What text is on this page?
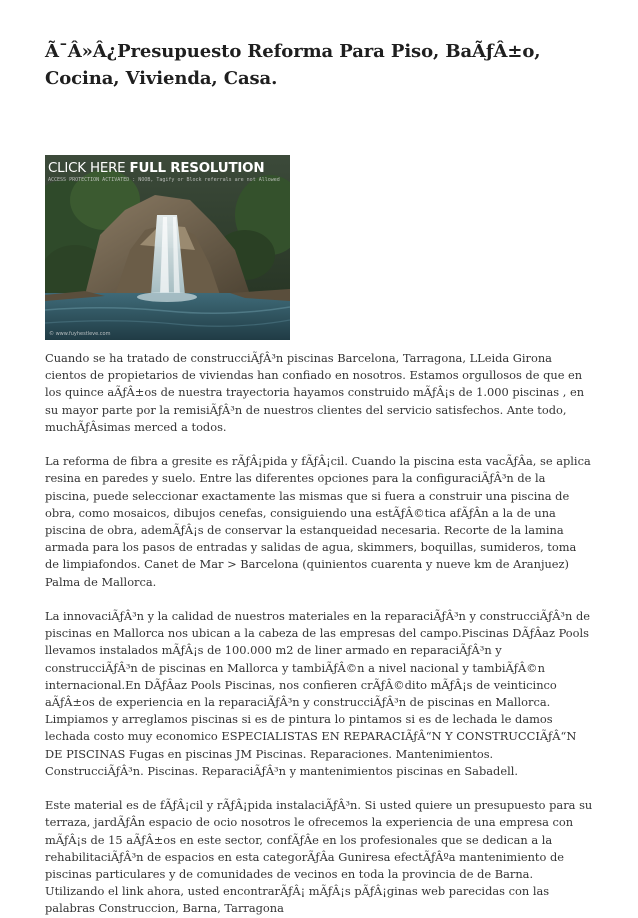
Ã¯Â»Â¿Presupuesto Reforma Para Piso, BaÃƒÂ±o, Cocina, Vivienda, Casa.
CLICK HERE FULL RESOLUTION
ACCESS PROTECTION ACTIVATED : NOOB, Tagify or Block referrals are not Allowed
© www.fuyhestleve.com

Cuando se ha tratado de construcciÃƒÂ³n piscinas Barcelona, Tarragona, LLeida Girona cientos de propietarios de viviendas han confiado en nosotros. Estamos orgullosos de que en los quince aÃƒÂ±os de nuestra trayectoria hayamos construido mÃƒÂ¡s de 1.000 piscinas , en su mayor parte por la remisiÃƒÂ³n de nuestros clientes del servicio satisfechos. Ante todo, muchÃƒÂsimas merced a todos.

La reforma de fibra a gresite es rÃƒÂ¡pida y fÃƒÂ¡cil. Cuando la piscina esta vacÃƒÂa, se aplica resina en paredes y suelo. Entre las diferentes opciones para la configuraciÃƒÂ³n de la piscina, puede seleccionar exactamente las mismas que si fuera a construir una piscina de obra, como mosaicos, dibujos cenefas, consiguiendo una estÃƒÂ©tica afÃƒÂn a la de una piscina de obra, ademÃƒÂ¡s de conservar la estanqueidad necesaria. Recorte de la lamina armada para los pasos de entradas y salidas de agua, skimmers, boquillas, sumideros, toma de limpiafondos. Canet de Mar > Barcelona (quinientos cuarenta y nueve km de Aranjuez) Palma de Mallorca.

La innovaciÃƒÂ³n y la calidad de nuestros materiales en la reparaciÃƒÂ³n y construcciÃƒÂ³n de piscinas en Mallorca nos ubican a la cabeza de las empresas del campo.Piscinas DÃƒÂaz Pools llevamos instalados mÃƒÂ¡s de 100.000 m2 de liner armado en reparaciÃƒÂ³n y construcciÃƒÂ³n de piscinas en Mallorca y tambiÃƒÂ©n a nivel nacional y tambiÃƒÂ©n internacional.En DÃƒÂaz Pools Piscinas, nos confieren crÃƒÂ©dito mÃƒÂ¡s de veinticinco aÃƒÂ±os de experiencia en la reparaciÃƒÂ³n y construcciÃƒÂ³n de piscinas en Mallorca. Limpiamos y arreglamos piscinas si es de pintura lo pintamos si es de lechada le damos lechada costo muy economico ESPECIALISTAS EN REPARACIÃƒÂ“N Y CONSTRUCCIÃƒÂ“N DE PISCINAS Fugas en piscinas JM Piscinas. Reparaciones. Mantenimientos. ConstrucciÃƒÂ³n. Piscinas. ReparaciÃƒÂ³n y mantenimientos piscinas en Sabadell.

Este material es de fÃƒÂ¡cil y rÃƒÂ¡pida instalaciÃƒÂ³n. Si usted quiere un presupuesto para su terraza, jardÃƒÂn espacio de ocio nosotros le ofrecemos la experiencia de una empresa con mÃƒÂ¡s de 15 aÃƒÂ±os en este sector, confÃƒÂe en los profesionales que se dedican a la rehabilitaciÃƒÂ³n de espacios en esta categorÃƒÂa Guniresa efectÃƒÂºa mantenimiento de piscinas particulares y de comunidades de vecinos en toda la provincia de de Barna. Utilizando el link ahora, usted encontrarÃƒÂ¡ mÃƒÂ¡s pÃƒÂ¡ginas web parecidas con las palabras Construccion, Barna, Tarragona
